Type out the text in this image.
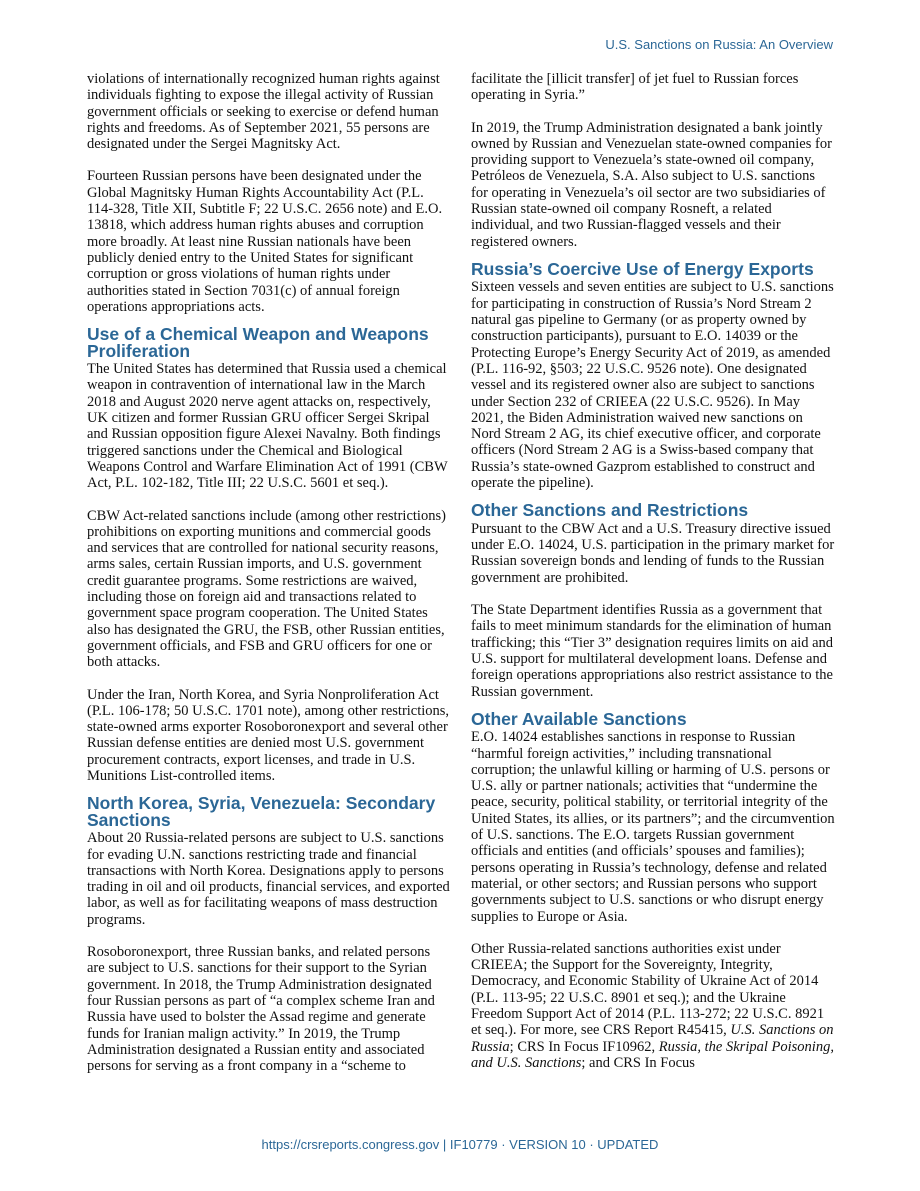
U.S. Sanctions on Russia: An Overview

violations of internationally recognized human rights against individuals fighting to expose the illegal activity of Russian government officials or seeking to exercise or defend human rights and freedoms. As of September 2021, 55 persons are designated under the Sergei Magnitsky Act.

Fourteen Russian persons have been designated under the Global Magnitsky Human Rights Accountability Act (P.L. 114-328, Title XII, Subtitle F; 22 U.S.C. 2656 note) and E.O. 13818, which address human rights abuses and corruption more broadly. At least nine Russian nationals have been publicly denied entry to the United States for significant corruption or gross violations of human rights under authorities stated in Section 7031(c) of annual foreign operations appropriations acts.

Use of a Chemical Weapon and Weapons Proliferation

The United States has determined that Russia used a chemical weapon in contravention of international law in the March 2018 and August 2020 nerve agent attacks on, respectively, UK citizen and former Russian GRU officer Sergei Skripal and Russian opposition figure Alexei Navalny. Both findings triggered sanctions under the Chemical and Biological Weapons Control and Warfare Elimination Act of 1991 (CBW Act, P.L. 102-182, Title III; 22 U.S.C. 5601 et seq.).

CBW Act-related sanctions include (among other restrictions) prohibitions on exporting munitions and commercial goods and services that are controlled for national security reasons, arms sales, certain Russian imports, and U.S. government credit guarantee programs. Some restrictions are waived, including those on foreign aid and transactions related to government space program cooperation. The United States also has designated the GRU, the FSB, other Russian entities, government officials, and FSB and GRU officers for one or both attacks.

Under the Iran, North Korea, and Syria Nonproliferation Act (P.L. 106-178; 50 U.S.C. 1701 note), among other restrictions, state-owned arms exporter Rosoboronexport and several other Russian defense entities are denied most U.S. government procurement contracts, export licenses, and trade in U.S. Munitions List-controlled items.

North Korea, Syria, Venezuela: Secondary Sanctions

About 20 Russia-related persons are subject to U.S. sanctions for evading U.N. sanctions restricting trade and financial transactions with North Korea. Designations apply to persons trading in oil and oil products, financial services, and exported labor, as well as for facilitating weapons of mass destruction programs.

Rosoboronexport, three Russian banks, and related persons are subject to U.S. sanctions for their support to the Syrian government. In 2018, the Trump Administration designated four Russian persons as part of “a complex scheme Iran and Russia have used to bolster the Assad regime and generate funds for Iranian malign activity.” In 2019, the Trump Administration designated a Russian entity and associated persons for serving as a front company in a “scheme to

facilitate the [illicit transfer] of jet fuel to Russian forces operating in Syria.”

In 2019, the Trump Administration designated a bank jointly owned by Russian and Venezuelan state-owned companies for providing support to Venezuela’s state-owned oil company, Petróleos de Venezuela, S.A. Also subject to U.S. sanctions for operating in Venezuela’s oil sector are two subsidiaries of Russian state-owned oil company Rosneft, a related individual, and two Russian-flagged vessels and their registered owners.

Russia’s Coercive Use of Energy Exports

Sixteen vessels and seven entities are subject to U.S. sanctions for participating in construction of Russia’s Nord Stream 2 natural gas pipeline to Germany (or as property owned by construction participants), pursuant to E.O. 14039 or the Protecting Europe’s Energy Security Act of 2019, as amended (P.L. 116-92, §503; 22 U.S.C. 9526 note). One designated vessel and its registered owner also are subject to sanctions under Section 232 of CRIEEA (22 U.S.C. 9526). In May 2021, the Biden Administration waived new sanctions on Nord Stream 2 AG, its chief executive officer, and corporate officers (Nord Stream 2 AG is a Swiss-based company that Russia’s state-owned Gazprom established to construct and operate the pipeline).

Other Sanctions and Restrictions

Pursuant to the CBW Act and a U.S. Treasury directive issued under E.O. 14024, U.S. participation in the primary market for Russian sovereign bonds and lending of funds to the Russian government are prohibited.

The State Department identifies Russia as a government that fails to meet minimum standards for the elimination of human trafficking; this “Tier 3” designation requires limits on aid and U.S. support for multilateral development loans. Defense and foreign operations appropriations also restrict assistance to the Russian government.

Other Available Sanctions

E.O. 14024 establishes sanctions in response to Russian “harmful foreign activities,” including transnational corruption; the unlawful killing or harming of U.S. persons or U.S. ally or partner nationals; activities that “undermine the peace, security, political stability, or territorial integrity of the United States, its allies, or its partners”; and the circumvention of U.S. sanctions. The E.O. targets Russian government officials and entities (and officials’ spouses and families); persons operating in Russia’s technology, defense and related material, or other sectors; and Russian persons who support governments subject to U.S. sanctions or who disrupt energy supplies to Europe or Asia.

Other Russia-related sanctions authorities exist under CRIEEA; the Support for the Sovereignty, Integrity, Democracy, and Economic Stability of Ukraine Act of 2014 (P.L. 113-95; 22 U.S.C. 8901 et seq.); and the Ukraine Freedom Support Act of 2014 (P.L. 113-272; 22 U.S.C. 8921 et seq.). For more, see CRS Report R45415, U.S. Sanctions on Russia; CRS In Focus IF10962, Russia, the Skripal Poisoning, and U.S. Sanctions; and CRS In Focus

https://crsreports.congress.gov | IF10779 · VERSION 10 · UPDATED
